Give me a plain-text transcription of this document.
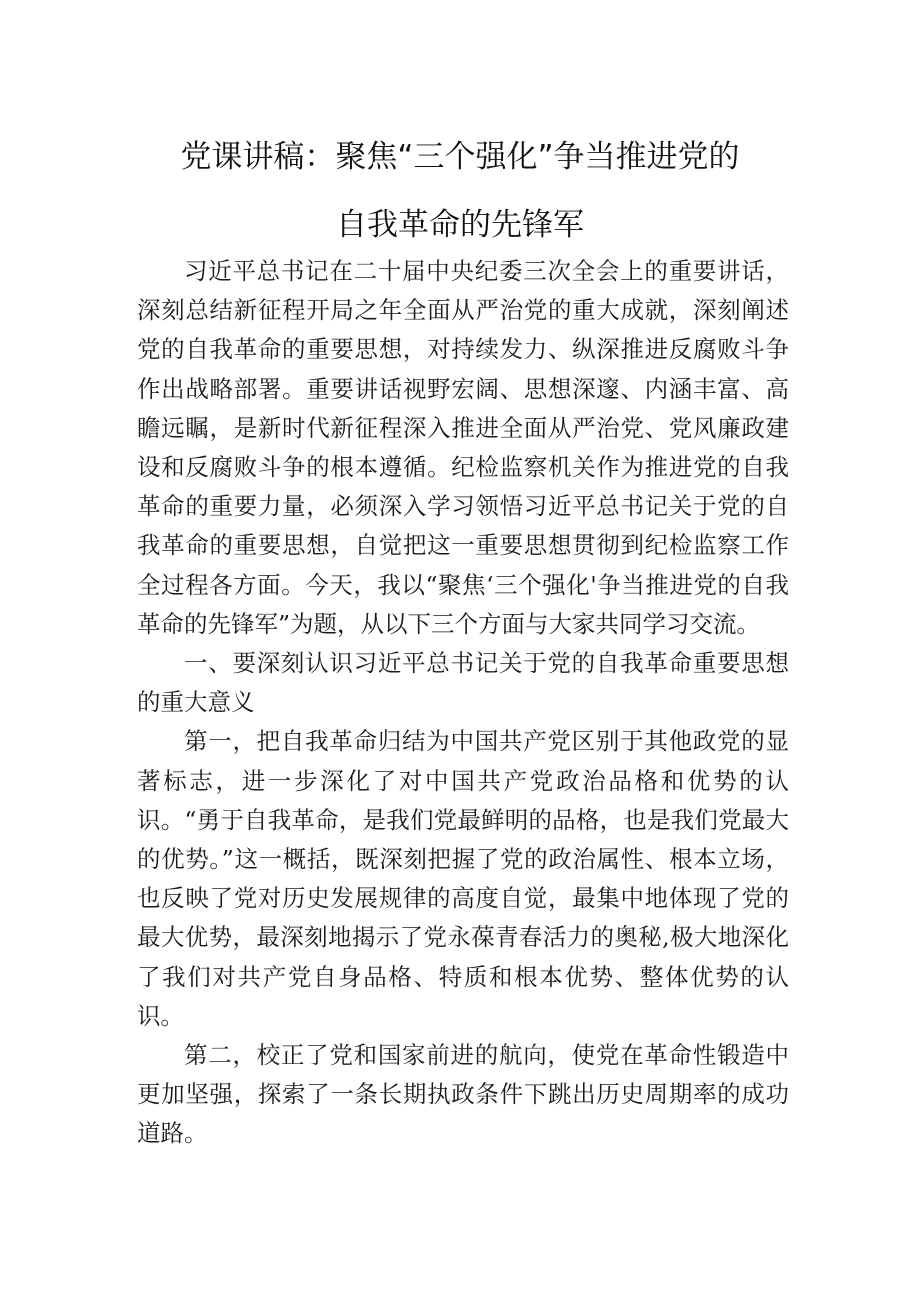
党课讲稿：聚焦“三个强化”争当推进党的
自我革命的先锋军

习近平总书记在二十届中央纪委三次全会上的重要讲话，深刻总结新征程开局之年全面从严治党的重大成就，深刻阐述党的自我革命的重要思想，对持续发力、纵深推进反腐败斗争作出战略部署。重要讲话视野宏阔、思想深邃、内涵丰富、高瞻远瞩，是新时代新征程深入推进全面从严治党、党风廉政建设和反腐败斗争的根本遵循。纪检监察机关作为推进党的自我革命的重要力量，必须深入学习领悟习近平总书记关于党的自我革命的重要思想，自觉把这一重要思想贯彻到纪检监察工作全过程各方面。今天，我以“聚焦‘三个强化'争当推进党的自我革命的先锋军”为题，从以下三个方面与大家共同学习交流。

一、要深刻认识习近平总书记关于党的自我革命重要思想的重大意义

第一，把自我革命归结为中国共产党区别于其他政党的显著标志，进一步深化了对中国共产党政治品格和优势的认识。“勇于自我革命，是我们党最鲜明的品格，也是我们党最大的优势。”这一概括，既深刻把握了党的政治属性、根本立场，也反映了党对历史发展规律的高度自觉，最集中地体现了党的最大优势，最深刻地揭示了党永葆青春活力的奥秘,极大地深化了我们对共产党自身品格、特质和根本优势、整体优势的认识。

第二，校正了党和国家前进的航向，使党在革命性锻造中更加坚强，探索了一条长期执政条件下跳出历史周期率的成功道路。
